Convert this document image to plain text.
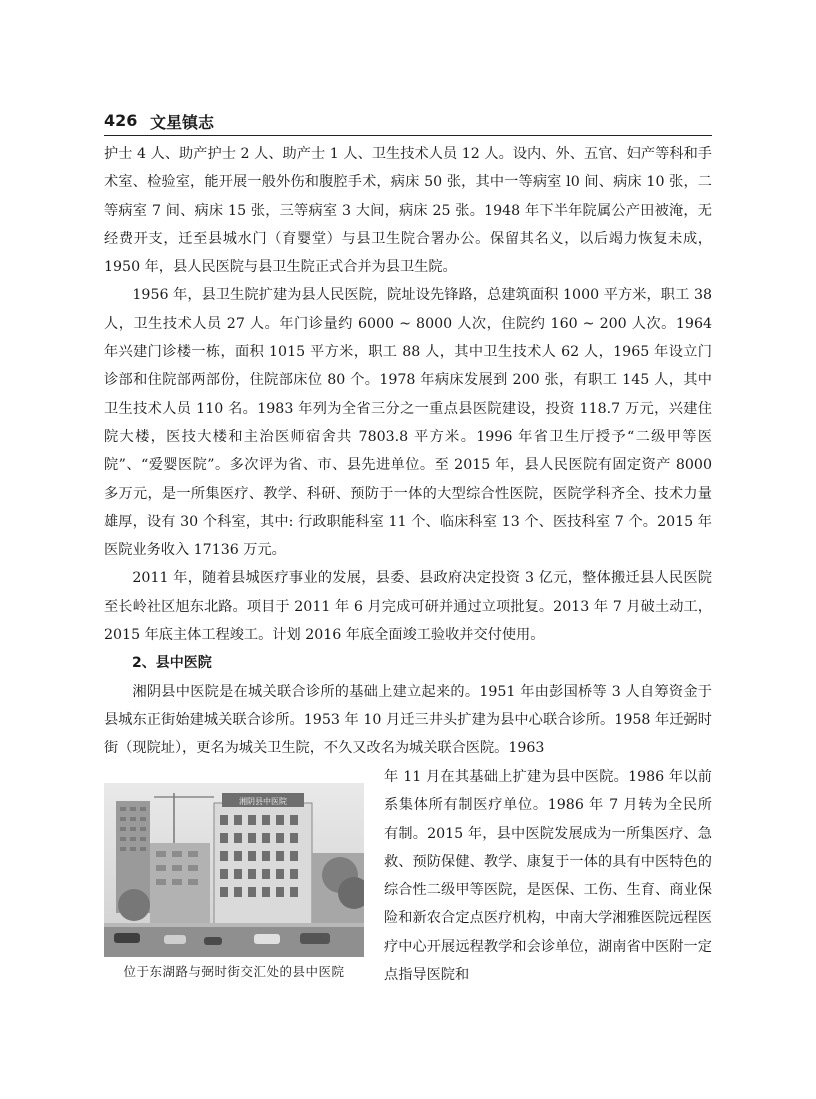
426 文星镇志

护士 4 人、助产护士 2 人、助产士 1 人、卫生技术人员 12 人。设内、外、五官、妇产等科和手术室、检验室，能开展一般外伤和腹腔手术，病床 50 张，其中一等病室 l0 间、病床 10 张，二等病室 7 间、病床 15 张，三等病室 3 大间，病床 25 张。1948 年下半年院属公产田被淹，无经费开支，迁至县城水门（育婴堂）与县卫生院合署办公。保留其名义，以后竭力恢复未成，1950 年，县人民医院与县卫生院正式合并为县卫生院。

1956 年，县卫生院扩建为县人民医院，院址设先锋路，总建筑面积 1000 平方米，职工 38 人，卫生技术人员 27 人。年门诊量约 6000 ~ 8000 人次，住院约 160 ~ 200 人次。1964 年兴建门诊楼一栋，面积 1015 平方米，职工 88 人，其中卫生技术人 62 人，1965 年设立门诊部和住院部两部份，住院部床位 80 个。1978 年病床发展到 200 张，有职工 145 人，其中卫生技术人员 110 名。1983 年列为全省三分之一重点县医院建设，投资 118.7 万元，兴建住院大楼，医技大楼和主治医师宿舍共 7803.8 平方米。1996 年省卫生厅授予“二级甲等医院”、“爱婴医院”。多次评为省、市、县先进单位。至 2015 年，县人民医院有固定资产 8000 多万元，是一所集医疗、教学、科研、预防于一体的大型综合性医院，医院学科齐全、技术力量雄厚，设有 30 个科室，其中: 行政职能科室 11 个、临床科室 13 个、医技科室 7 个。2015 年医院业务收入 17136 万元。

2011 年，随着县城医疗事业的发展，县委、县政府决定投资 3 亿元，整体搬迁县人民医院至长岭社区旭东北路。项目于 2011 年 6 月完成可研并通过立项批复。2013 年 7 月破土动工，2015 年底主体工程竣工。计划 2016 年底全面竣工验收并交付使用。

2、县中医院

湘阴县中医院是在城关联合诊所的基础上建立起来的。1951 年由彭国桥等 3 人自筹资金于县城东正街始建城关联合诊所。1953 年 10 月迁三井头扩建为县中心联合诊所。1958 年迁弼时街（现院址），更名为城关卫生院，不久又改名为城关联合医院。1963

年 11 月在其基础上扩建为县中医院。1986 年以前系集体所有制医疗单位。1986 年 7 月转为全民所有制。2015 年，县中医院发展成为一所集医疗、急救、预防保健、教学、康复于一体的具有中医特色的综合性二级甲等医院，是医保、工伤、生育、商业保险和新农合定点医疗机构，中南大学湘雅医院远程医疗中心开展远程教学和会诊单位，湖南省中医附一定点指导医院和

湘阴县中医院
位于东湖路与弼时街交汇处的县中医院
